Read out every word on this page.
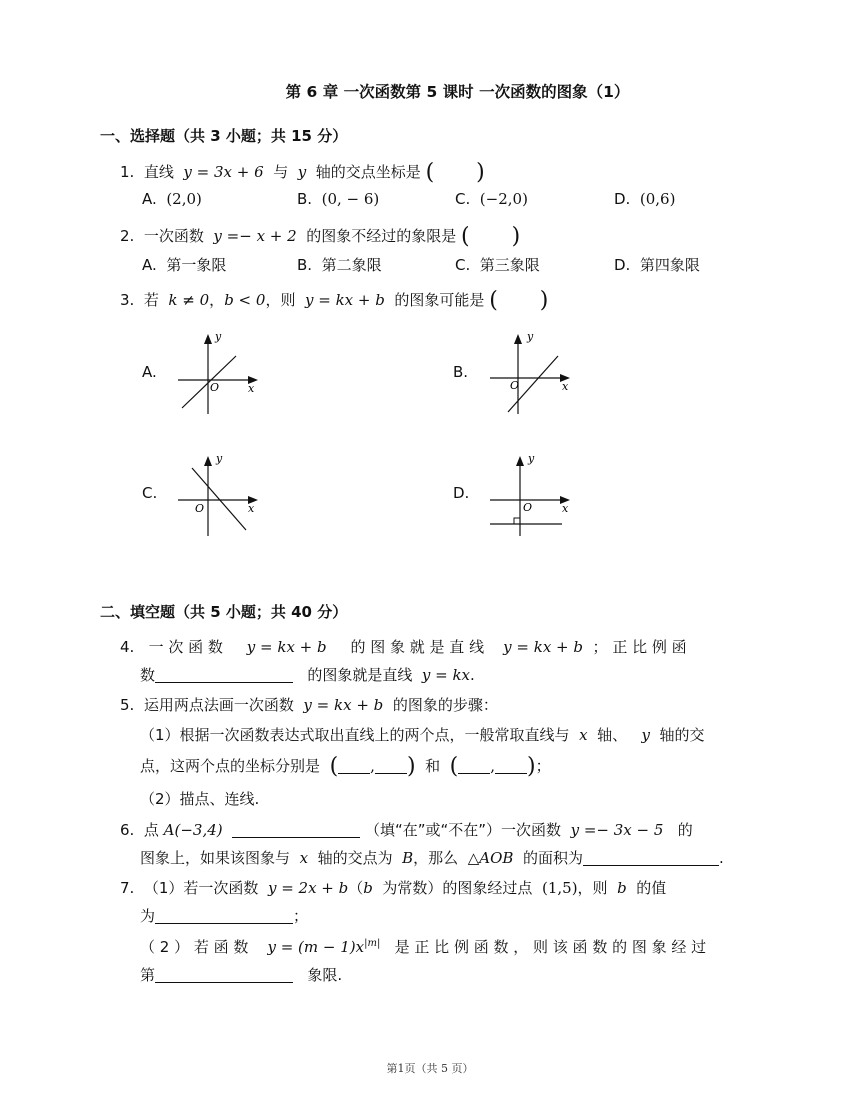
第 6 章 一次函数第 5 课时 一次函数的图象（1）
一、选择题（共 3 小题；共 15 分）
1. 直线 y = 3x + 6 与 y 轴的交点坐标是 (      )
A. (2,0)	B. (0, − 6)	C. (−2,0)	D. (0,6)
2. 一次函数 y =− x + 2 的图象不经过的象限是 (      )
A. 第一象限	B. 第二象限	C. 第三象限	D. 第四象限
3. 若 k ≠ 0，b < 0，则 y = kx + b 的图象可能是 (      )
A.	B.
C.	D.
y
x
O
y
x
O
y
x
O
y
x
O
二、填空题（共 5 小题；共 40 分）
4. 一 次 函 数 y = kx + b 的 图 象 就 是 直 线 y = kx + b ； 正 比 例 函
数	的图象就是直线 y = kx.
5. 运用两点法画一次函数 y = kx + b 的图象的步骤：
（1）根据一次函数表达式取出直线上的两个点，一般常取直线与 x 轴、 y 轴的交
点，这两个点的坐标分别是 ( , ) 和 ( , )；
（2）描点、连线.
6. 点 A(−3,4)	（填“在”或“不在”）一次函数 y =− 3x − 5 的
图象上，如果该图象与 x 轴的交点为 B，那么 △AOB 的面积为	.
7. （1）若一次函数 y = 2x + b（b 为常数）的图象经过点 (1,5)，则 b 的值
为	；
（ 2 ） 若 函 数 $y = (m - 1)x^{|m|}$ 是 正 比 例 函 数 ， 则 该 函 数 的 图 象 经 过
第	象限.
第1页（共 5 页）
